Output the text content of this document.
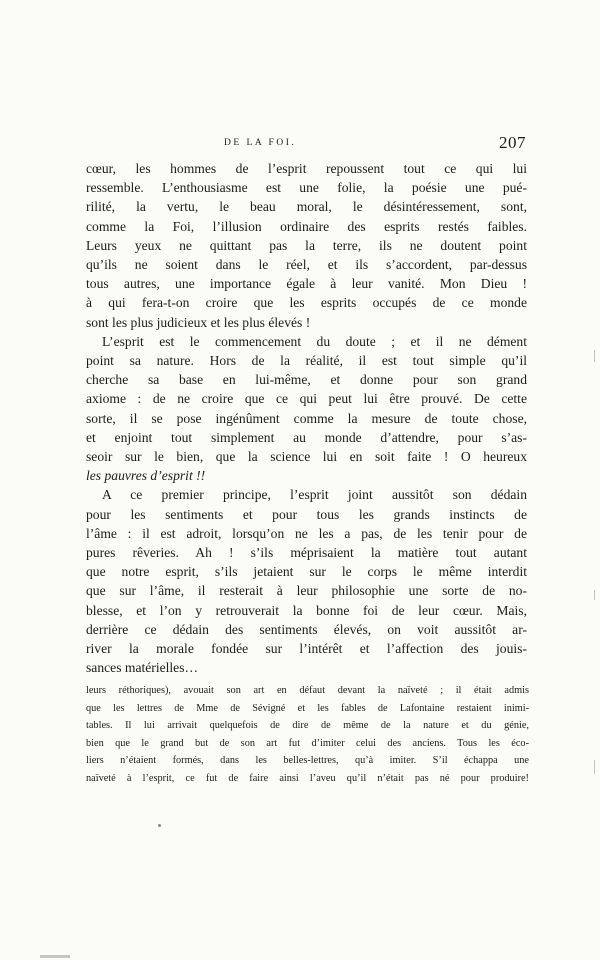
DE LA FOI.	207
cœur, les hommes de l’esprit repoussent tout ce qui lui
ressemble. L’enthousiasme est une folie, la poésie une pué-
rilité, la vertu, le beau moral, le désintéressement, sont,
comme la Foi, l’illusion ordinaire des esprits restés faibles.
Leurs yeux ne quittant pas la terre, ils ne doutent point
qu’ils ne soient dans le réel, et ils s’accordent, par-dessus
tous autres, une importance égale à leur vanité. Mon Dieu !
à qui fera-t-on croire que les esprits occupés de ce monde
sont les plus judicieux et les plus élevés !
L’esprit est le commencement du doute ; et il ne dément
point sa nature. Hors de la réalité, il est tout simple qu’il
cherche sa base en lui-même, et donne pour son grand
axiome : de ne croire que ce qui peut lui être prouvé. De cette
sorte, il se pose ingénûment comme la mesure de toute chose,
et enjoint tout simplement au monde d’attendre, pour s’as-
seoir sur le bien, que la science lui en soit faite ! O heureux
les pauvres d’esprit !!
A ce premier principe, l’esprit joint aussitôt son dédain
pour les sentiments et pour tous les grands instincts de
l’âme : il est adroit, lorsqu’on ne les a pas, de les tenir pour de
pures rêveries. Ah ! s’ils méprisaient la matière tout autant
que notre esprit, s’ils jetaient sur le corps le même interdit
que sur l’âme, il resterait à leur philosophie une sorte de no-
blesse, et l’on y retrouverait la bonne foi de leur cœur. Mais,
derrière ce dédain des sentiments élevés, on voit aussitôt ar-
river la morale fondée sur l’intérêt et l’affection des jouis-
sances matérielles…
leurs réthoriques), avouait son art en défaut devant la naïveté ; il était admis
que les lettres de Mme de Sévigné et les fables de Lafontaine restaient inimi-
tables. Il lui arrivait quelquefois de dire de même de la nature et du génie,
bien que le grand but de son art fut d’imiter celui des anciens. Tous les éco-
liers n’étaient formés, dans les belles-lettres, qu’à imiter. S’il échappa une
naïveté à l’esprit, ce fut de faire ainsi l’aveu qu’il n’était pas né pour produire!
